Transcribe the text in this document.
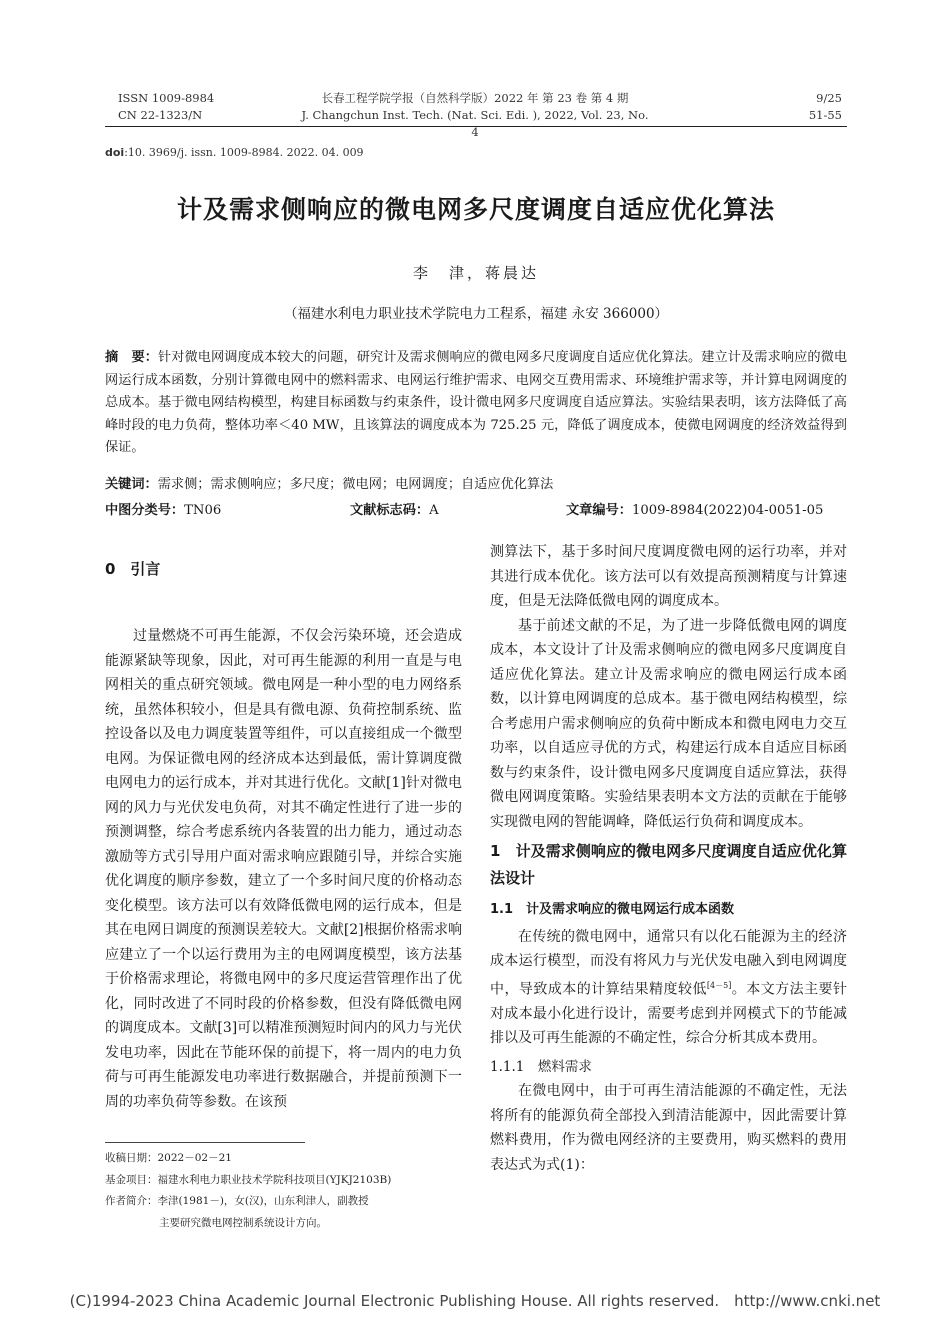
ISSN 1009-8984
CN 22-1323/N
长春工程学院学报（自然科学版）2022 年 第 23 卷 第 4 期
J. Changchun Inst. Tech. (Nat. Sci. Edi. ), 2022, Vol. 23, No. 4
9/25
51-55
doi:10. 3969/j. issn. 1009-8984. 2022. 04. 009
计及需求侧响应的微电网多尺度调度自适应优化算法
李　津，蒋晨达
（福建水利电力职业技术学院电力工程系，福建 永安 366000）
摘　要：针对微电网调度成本较大的问题，研究计及需求侧响应的微电网多尺度调度自适应优化算法。建立计及需求响应的微电网运行成本函数，分别计算微电网中的燃料需求、电网运行维护需求、电网交互费用需求、环境维护需求等，并计算电网调度的总成本。基于微电网结构模型，构建目标函数与约束条件，设计微电网多尺度调度自适应算法。实验结果表明，该方法降低了高峰时段的电力负荷，整体功率＜40 MW，且该算法的调度成本为 725.25 元，降低了调度成本，使微电网调度的经济效益得到保证。
关键词：需求侧；需求侧响应；多尺度；微电网；电网调度；自适应优化算法
中图分类号：TN06	文献标志码：A	文章编号：1009-8984(2022)04-0051-05
0　引言

过量燃烧不可再生能源，不仅会污染环境，还会造成能源紧缺等现象，因此，对可再生能源的利用一直是与电网相关的重点研究领域。微电网是一种小型的电力网络系统，虽然体积较小，但是具有微电源、负荷控制系统、监控设备以及电力调度装置等组件，可以直接组成一个微型电网。为保证微电网的经济成本达到最低，需计算调度微电网电力的运行成本，并对其进行优化。文献[1]针对微电网的风力与光伏发电负荷，对其不确定性进行了进一步的预测调整，综合考虑系统内各装置的出力能力，通过动态激励等方式引导用户面对需求响应跟随引导，并综合实施优化调度的顺序参数，建立了一个多时间尺度的价格动态变化模型。该方法可以有效降低微电网的运行成本，但是其在电网日调度的预测误差较大。文献[2]根据价格需求响应建立了一个以运行费用为主的电网调度模型，该方法基于价格需求理论，将微电网中的多尺度运营管理作出了优化，同时改进了不同时段的价格参数，但没有降低微电网的调度成本。文献[3]可以精准预测短时间内的风力与光伏发电功率，因此在节能环保的前提下，将一周内的电力负荷与可再生能源发电功率进行数据融合，并提前预测下一周的功率负荷等参数。在该预

测算法下，基于多时间尺度调度微电网的运行功率，并对其进行成本优化。该方法可以有效提高预测精度与计算速度，但是无法降低微电网的调度成本。

基于前述文献的不足，为了进一步降低微电网的调度成本，本文设计了计及需求侧响应的微电网多尺度调度自适应优化算法。建立计及需求响应的微电网运行成本函数，以计算电网调度的总成本。基于微电网结构模型，综合考虑用户需求侧响应的负荷中断成本和微电网电力交互功率，以自适应寻优的方式，构建运行成本自适应目标函数与约束条件，设计微电网多尺度调度自适应算法，获得微电网调度策略。实验结果表明本文方法的贡献在于能够实现微电网的智能调峰，降低运行负荷和调度成本。

1　计及需求侧响应的微电网多尺度调度自适应优化算法设计
1.1　计及需求响应的微电网运行成本函数

在传统的微电网中，通常只有以化石能源为主的经济成本运行模型，而没有将风力与光伏发电融入到电网调度中，导致成本的计算结果精度较低[4－5]。本文方法主要针对成本最小化进行设计，需要考虑到并网模式下的节能减排以及可再生能源的不确定性，综合分析其成本费用。

1.1.1　燃料需求

在微电网中，由于可再生清洁能源的不确定性，无法将所有的能源负荷全部投入到清洁能源中，因此需要计算燃料费用，作为微电网经济的主要费用，购买燃料的费用表达式为式(1)：

收稿日期：2022－02－21
基金项目：福建水利电力职业技术学院科技项目(YJKJ2103B)
作者简介：李津(1981－)，女(汉)，山东利津人，副教授
主要研究微电网控制系统设计方向。
(C)1994-2023 China Academic Journal Electronic Publishing House. All rights reserved.　http://www.cnki.net
